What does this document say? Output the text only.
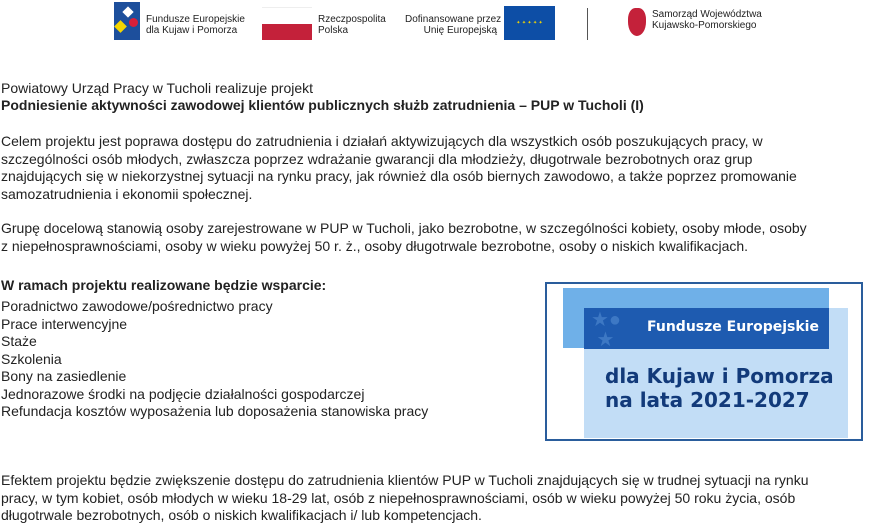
Fundusze Europejskie
dla Kujaw i Pomorza
Rzeczpospolita
Polska
Dofinansowane przez
Unię Europejską
✦ ✦ ✦ ✦ ✦
Samorząd Województwa
Kujawsko-Pomorskiego
Powiatowy Urząd Pracy w Tucholi realizuje projekt
Podniesienie aktywności zawodowej klientów publicznych służb zatrudnienia – PUP w Tucholi (I)
Celem projektu jest poprawa dostępu do zatrudnienia i działań aktywizujących dla wszystkich osób poszukujących pracy, w
szczególności osób młodych, zwłaszcza poprzez wdrażanie gwarancji dla młodzieży, długotrwale bezrobotnych oraz grup
znajdujących się w niekorzystnej sytuacji na rynku pracy, jak również dla osób biernych zawodowo, a także poprzez promowanie
samozatrudnienia i ekonomii społecznej.
Grupę docelową stanowią osoby zarejestrowane w PUP w Tucholi, jako bezrobotne, w szczególności kobiety, osoby młode, osoby
z niepełnosprawnościami, osoby w wieku powyżej 50 r. ż., osoby długotrwale bezrobotne, osoby o niskich kwalifikacjach.
W ramach projektu realizowane będzie wsparcie:
Poradnictwo zawodowe/pośrednictwo pracy
Prace interwencyjne
Staże
Szkolenia
Bony na zasiedlenie
Jednorazowe środki na podjęcie działalności gospodarczej
Refundacja kosztów wyposażenia lub doposażenia stanowiska pracy
★●
★
Fundusze Europejskie
dla Kujaw i Pomorza
na lata 2021-2027
Efektem projektu będzie zwiększenie dostępu do zatrudnienia klientów PUP w Tucholi znajdujących się w trudnej sytuacji na rynku
pracy, w tym kobiet, osób młodych w wieku 18-29 lat, osób z niepełnosprawnościami, osób w wieku powyżej 50 roku życia, osób
długotrwale bezrobotnych, osób o niskich kwalifikacjach i/ lub kompetencjach.
